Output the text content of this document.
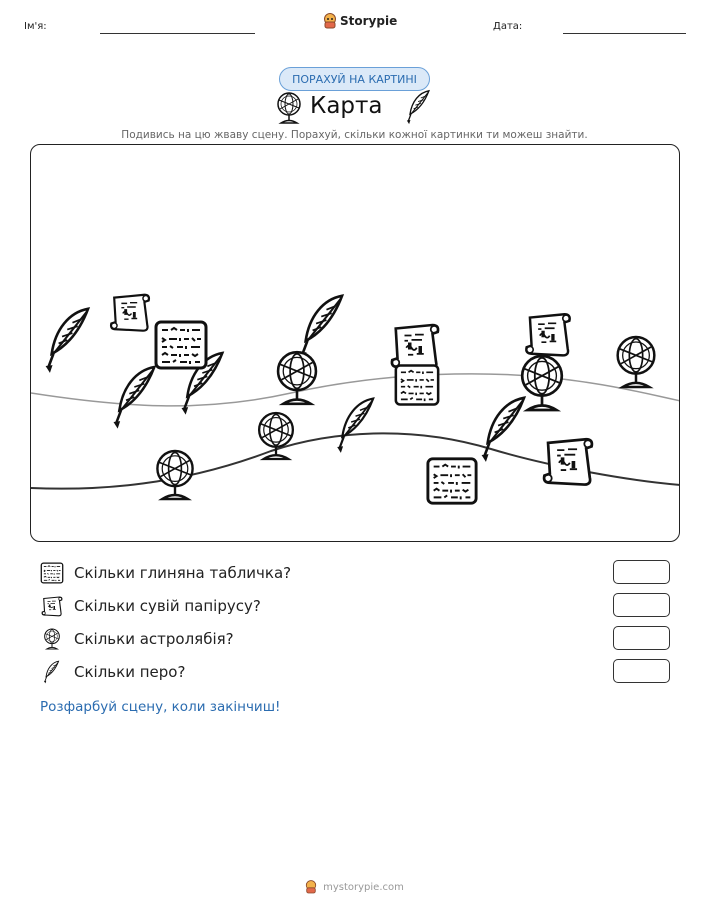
Ім'я:	Storypie	Дата:
ПОРАХУЙ НА КАРТИНІ
Карта
Подивись на цю жваву сцену. Порахуй, скільки кожної картинки ти можеш знайти.
Скільки глиняна табличка?
Скільки сувій папірусу?
Скільки астролябія?
Скільки перо?
Розфарбуй сцену, коли закінчиш!
mystorypie.com
